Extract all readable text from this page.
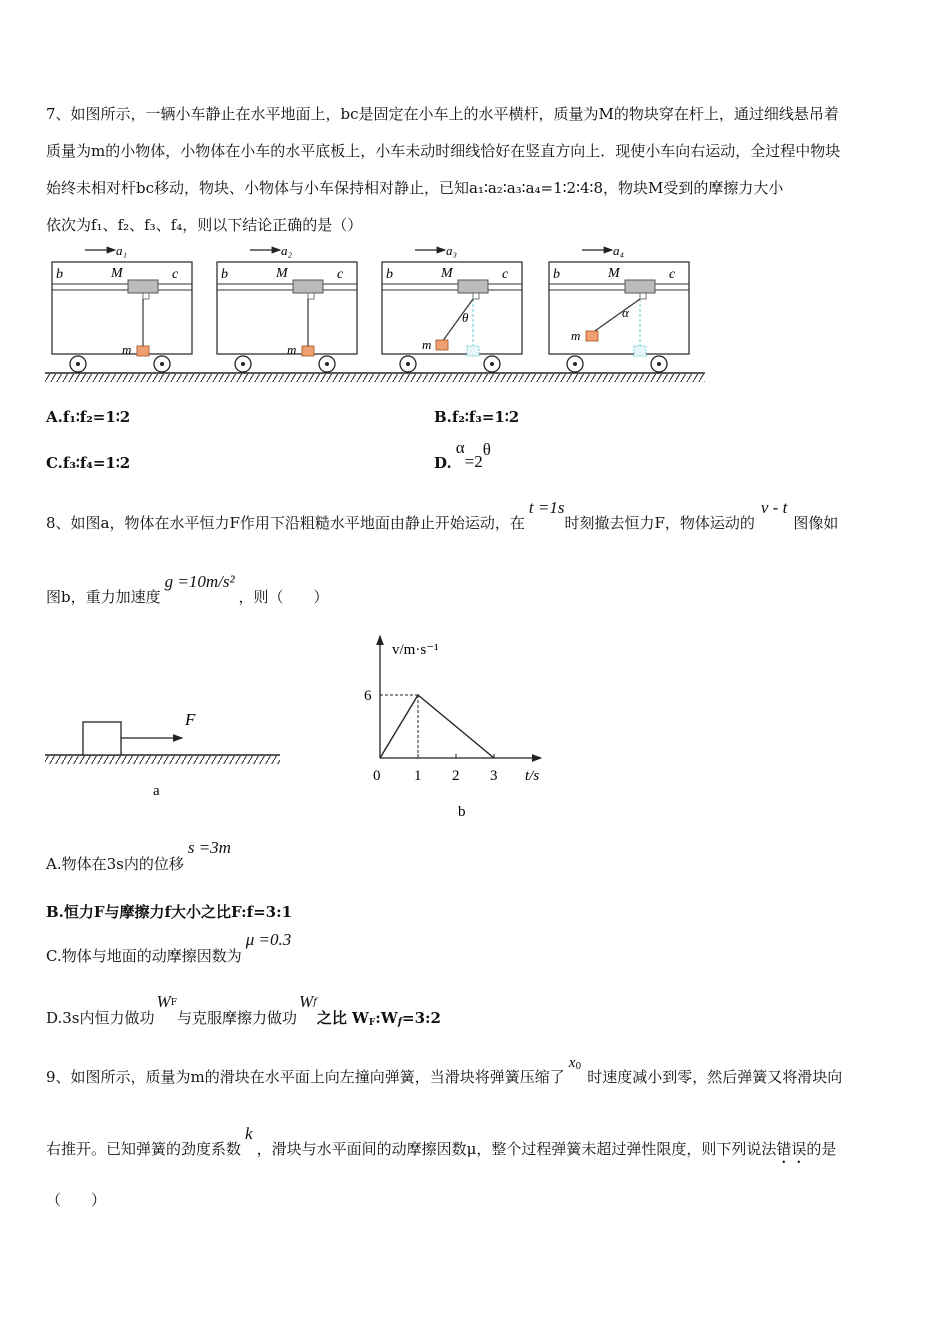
7、如图所示，一辆小车静止在水平地面上，bc是固定在小车上的水平横杆，质量为M的物块穿在杆上，通过细线悬吊着
质量为m的小物体，小物体在小车的水平底板上，小车未动时细线恰好在竖直方向上．现使小车向右运动，全过程中物块
始终未相对杆bc移动，物块、小物体与小车保持相对静止，已知a₁∶a₂∶a₃∶a₄=1∶2∶4∶8，物块M受到的摩擦力大小
依次为f₁、f₂、f₃、f₄，则以下结论正确的是（）
a₁
b	c
M
m
a₂
b	c
M
m
a₃
b	c
M
m
θ
a₄
b	c
M
m
α
A.f₁∶f₂=1∶2	B.f₂∶f₃=1∶2
C.f₃∶f₄=1∶2	D.α=2θ
8、如图a，物体在水平恒力F作用下沿粗糙水平地面由静止开始运动，在t =1s时刻撤去恒力F，物体运动的v - t图像如
图b，重力加速度g =10m/s²，则（　　）
F
a
v/m·s⁻¹
t/s
0 1 2 3
6
b
A.物体在3s内的位移s =3m
B.恒力F与摩擦力f大小之比F:f=3:1
C.物体与地面的动摩擦因数为μ =0.3
D.3s内恒力做功$W_F$与克服摩擦力做功$W_f$之比 $W_F:W_f=3:2$
9、如图所示，质量为m的滑块在水平面上向左撞向弹簧，当滑块将弹簧压缩了$x_0$时速度减小到零，然后弹簧又将滑块向
右推开。已知弹簧的劲度系数k，滑块与水平面间的动摩擦因数μ，整个过程弹簧未超过弹性限度，则下列说法错误的是
（　　）
